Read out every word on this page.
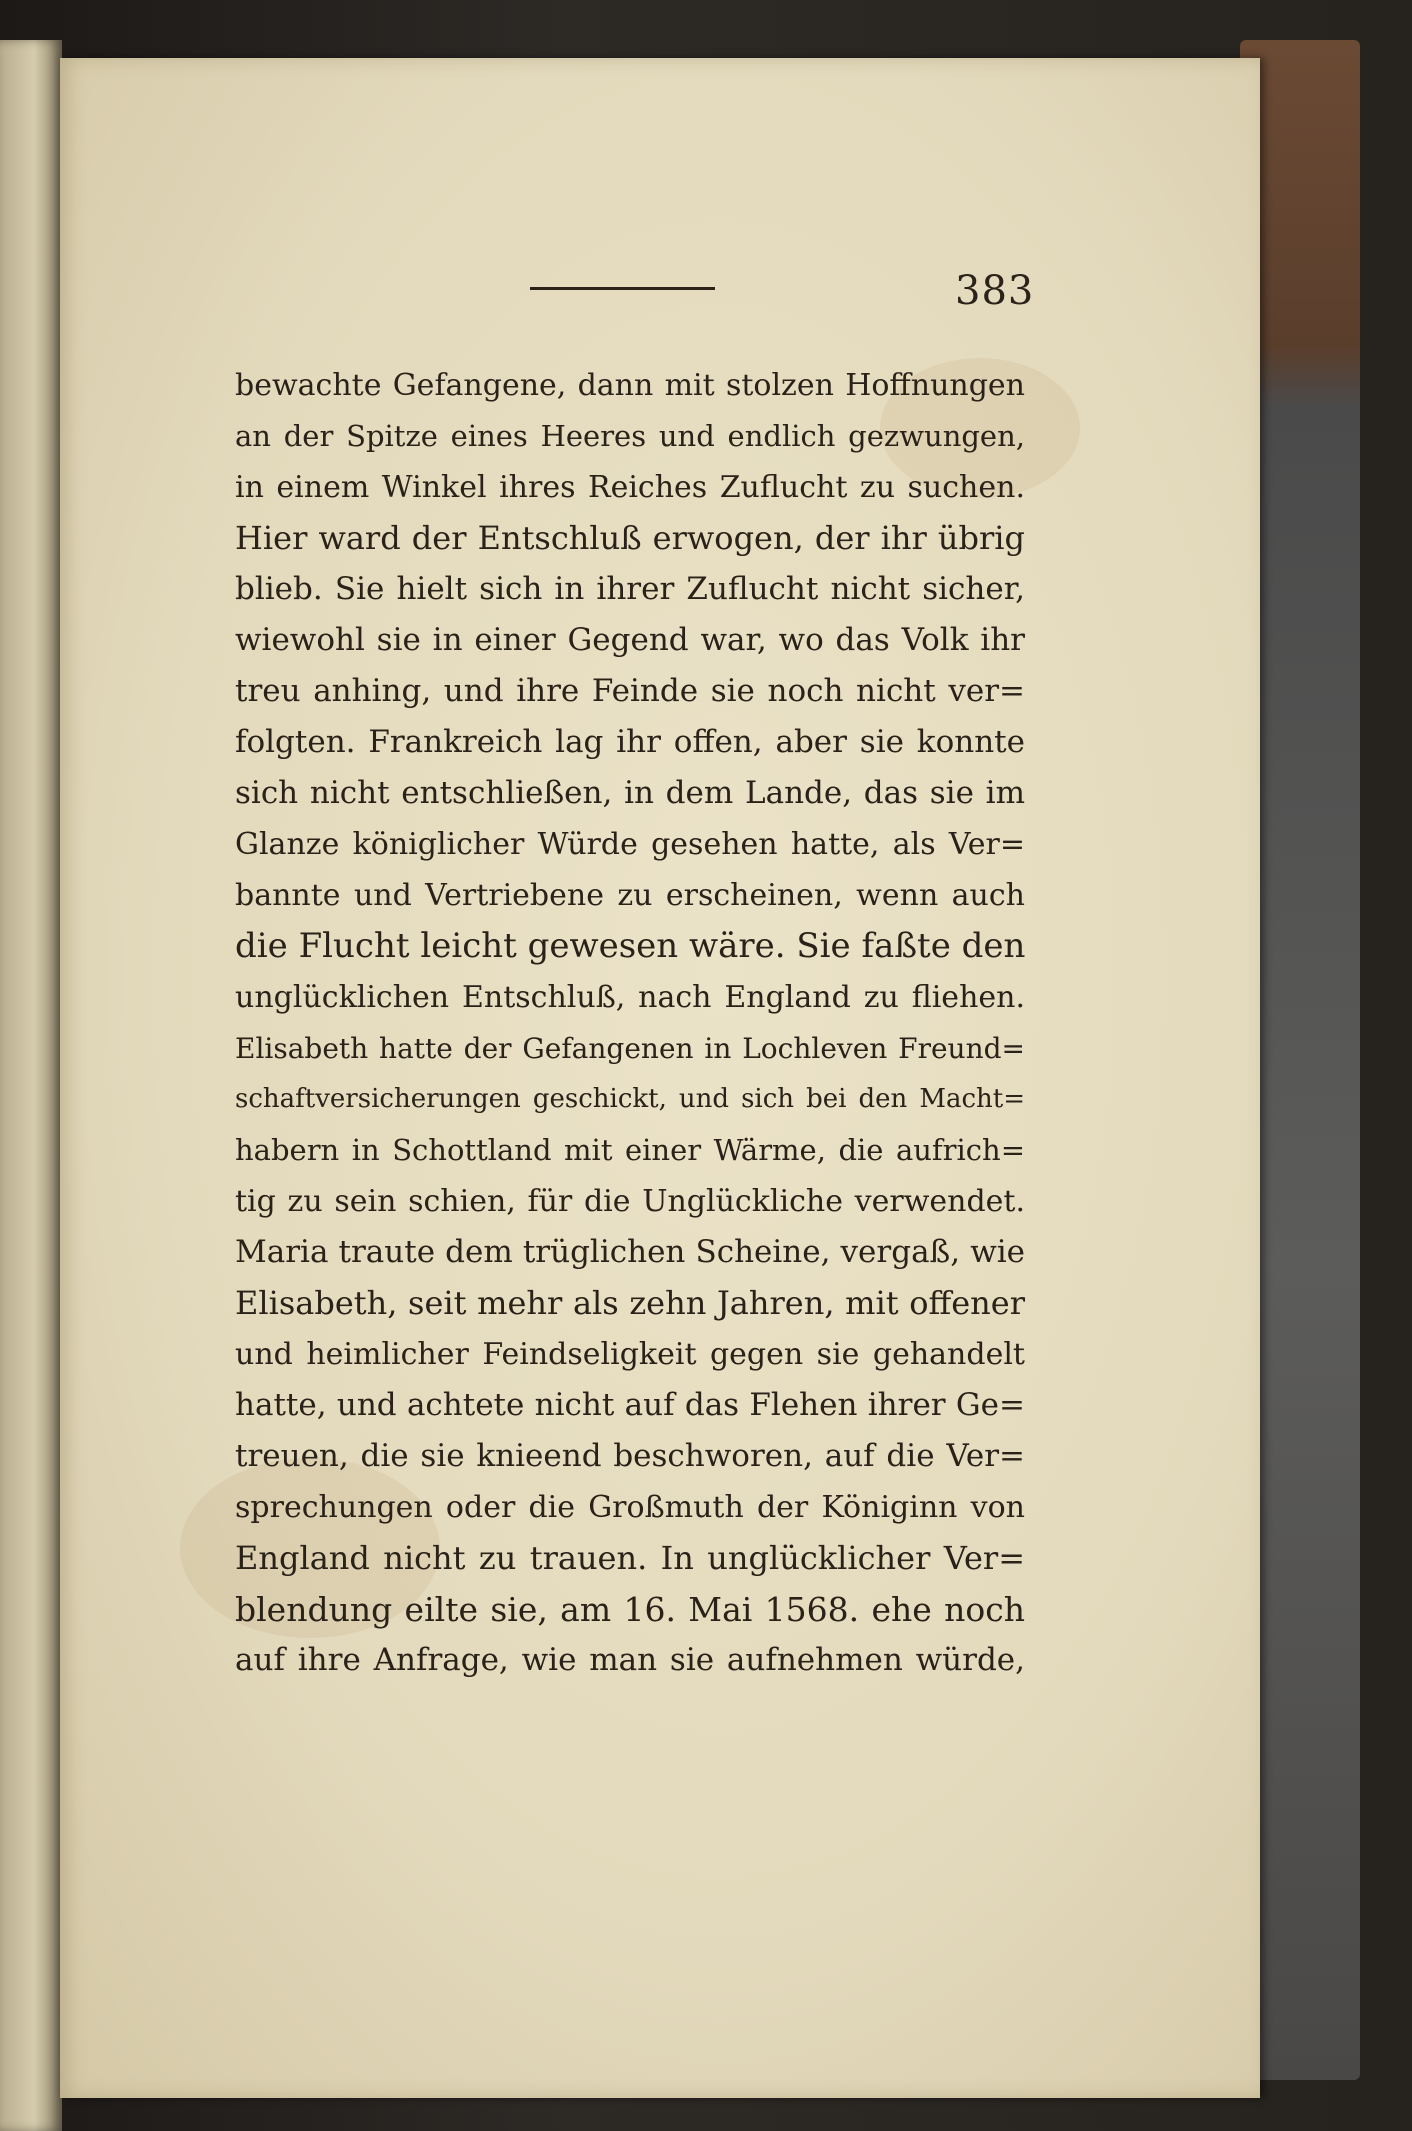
383
bewachte Gefangene, dann mit stolzen Hoffnungen
an der Spitze eines Heeres und endlich gezwungen,
in einem Winkel ihres Reiches Zuflucht zu suchen.
Hier ward der Entschluß erwogen, der ihr übrig
blieb. Sie hielt sich in ihrer Zuflucht nicht sicher,
wiewohl sie in einer Gegend war, wo das Volk ihr
treu anhing, und ihre Feinde sie noch nicht ver=
folgten. Frankreich lag ihr offen, aber sie konnte
sich nicht entschließen, in dem Lande, das sie im
Glanze königlicher Würde gesehen hatte, als Ver=
bannte und Vertriebene zu erscheinen, wenn auch
die Flucht leicht gewesen wäre. Sie faßte den
unglücklichen Entschluß, nach England zu fliehen.
Elisabeth hatte der Gefangenen in Lochleven Freund=
schaftversicherungen geschickt, und sich bei den Macht=
habern in Schottland mit einer Wärme, die aufrich=
tig zu sein schien, für die Unglückliche verwendet.
Maria traute dem trüglichen Scheine, vergaß, wie
Elisabeth, seit mehr als zehn Jahren, mit offener
und heimlicher Feindseligkeit gegen sie gehandelt
hatte, und achtete nicht auf das Flehen ihrer Ge=
treuen, die sie knieend beschworen, auf die Ver=
sprechungen oder die Großmuth der Königinn von
England nicht zu trauen. In unglücklicher Ver=
blendung eilte sie, am 16. Mai 1568. ehe noch
auf ihre Anfrage, wie man sie aufnehmen würde,
